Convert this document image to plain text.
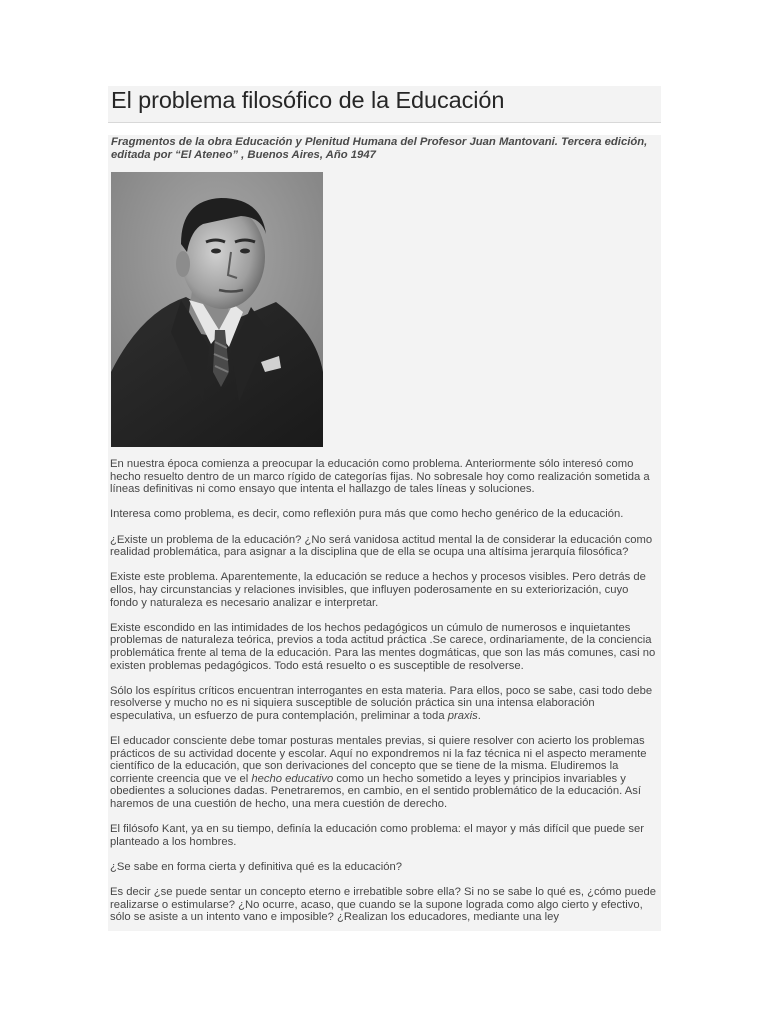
El problema filosófico de la Educación

Fragmentos de la obra Educación y Plenitud Humana del Profesor Juan Mantovani. Tercera edición, editada por “El Ateneo” , Buenos Aires, Año 1947

En nuestra época comienza a preocupar la educación como problema. Anteriormente sólo interesó como hecho resuelto dentro de un marco rígido de categorías fijas. No sobresale hoy como realización sometida a líneas definitivas ni como ensayo que intenta el hallazgo de tales líneas y soluciones.

Interesa como problema, es decir, como reflexión pura más que como hecho genérico de la educación.

¿Existe un problema de la educación? ¿No será vanidosa actitud mental la de considerar la educación como realidad problemática, para asignar a la disciplina que de ella se ocupa una altísima jerarquía filosófica?

Existe este problema. Aparentemente, la educación se reduce a hechos y procesos visibles. Pero detrás de ellos, hay circunstancias y relaciones invisibles, que influyen poderosamente en su exteriorización, cuyo fondo y naturaleza es necesario analizar e interpretar.

Existe escondido en las intimidades de los hechos pedagógicos un cúmulo de numerosos e inquietantes problemas de naturaleza teórica, previos a toda actitud práctica .Se carece, ordinariamente, de la conciencia problemática frente al tema de la educación. Para las mentes dogmáticas, que son las más comunes, casi no existen problemas pedagógicos. Todo está resuelto o es susceptible de resolverse.

Sólo los espíritus críticos encuentran interrogantes en esta materia. Para ellos, poco se sabe, casi todo debe resolverse y mucho no es ni siquiera susceptible de solución práctica sin una intensa elaboración especulativa, un esfuerzo de pura contemplación, preliminar a toda praxis.

El educador consciente debe tomar posturas mentales previas, si quiere resolver con acierto los problemas prácticos de su actividad docente y escolar. Aquí no expondremos ni la faz técnica ni el aspecto meramente científico de la educación, que son derivaciones del concepto que se tiene de la misma. Eludiremos la corriente creencia que ve el hecho educativo como un hecho sometido a leyes y principios invariables y obedientes a soluciones dadas. Penetraremos, en cambio, en el sentido problemático de la educación. Así haremos de una cuestión de hecho, una mera cuestión de derecho.

El filósofo Kant, ya en su tiempo, definía la educación como problema: el mayor y más difícil que puede ser planteado a los hombres.

¿Se sabe en forma cierta y definitiva qué es la educación?

Es decir ¿se puede sentar un concepto eterno e irrebatible sobre ella? Si no se sabe lo qué es, ¿cómo puede realizarse o estimularse? ¿No ocurre, acaso, que cuando se la supone lograda como algo cierto y efectivo, sólo se asiste a un intento vano e imposible? ¿Realizan los educadores, mediante una ley
